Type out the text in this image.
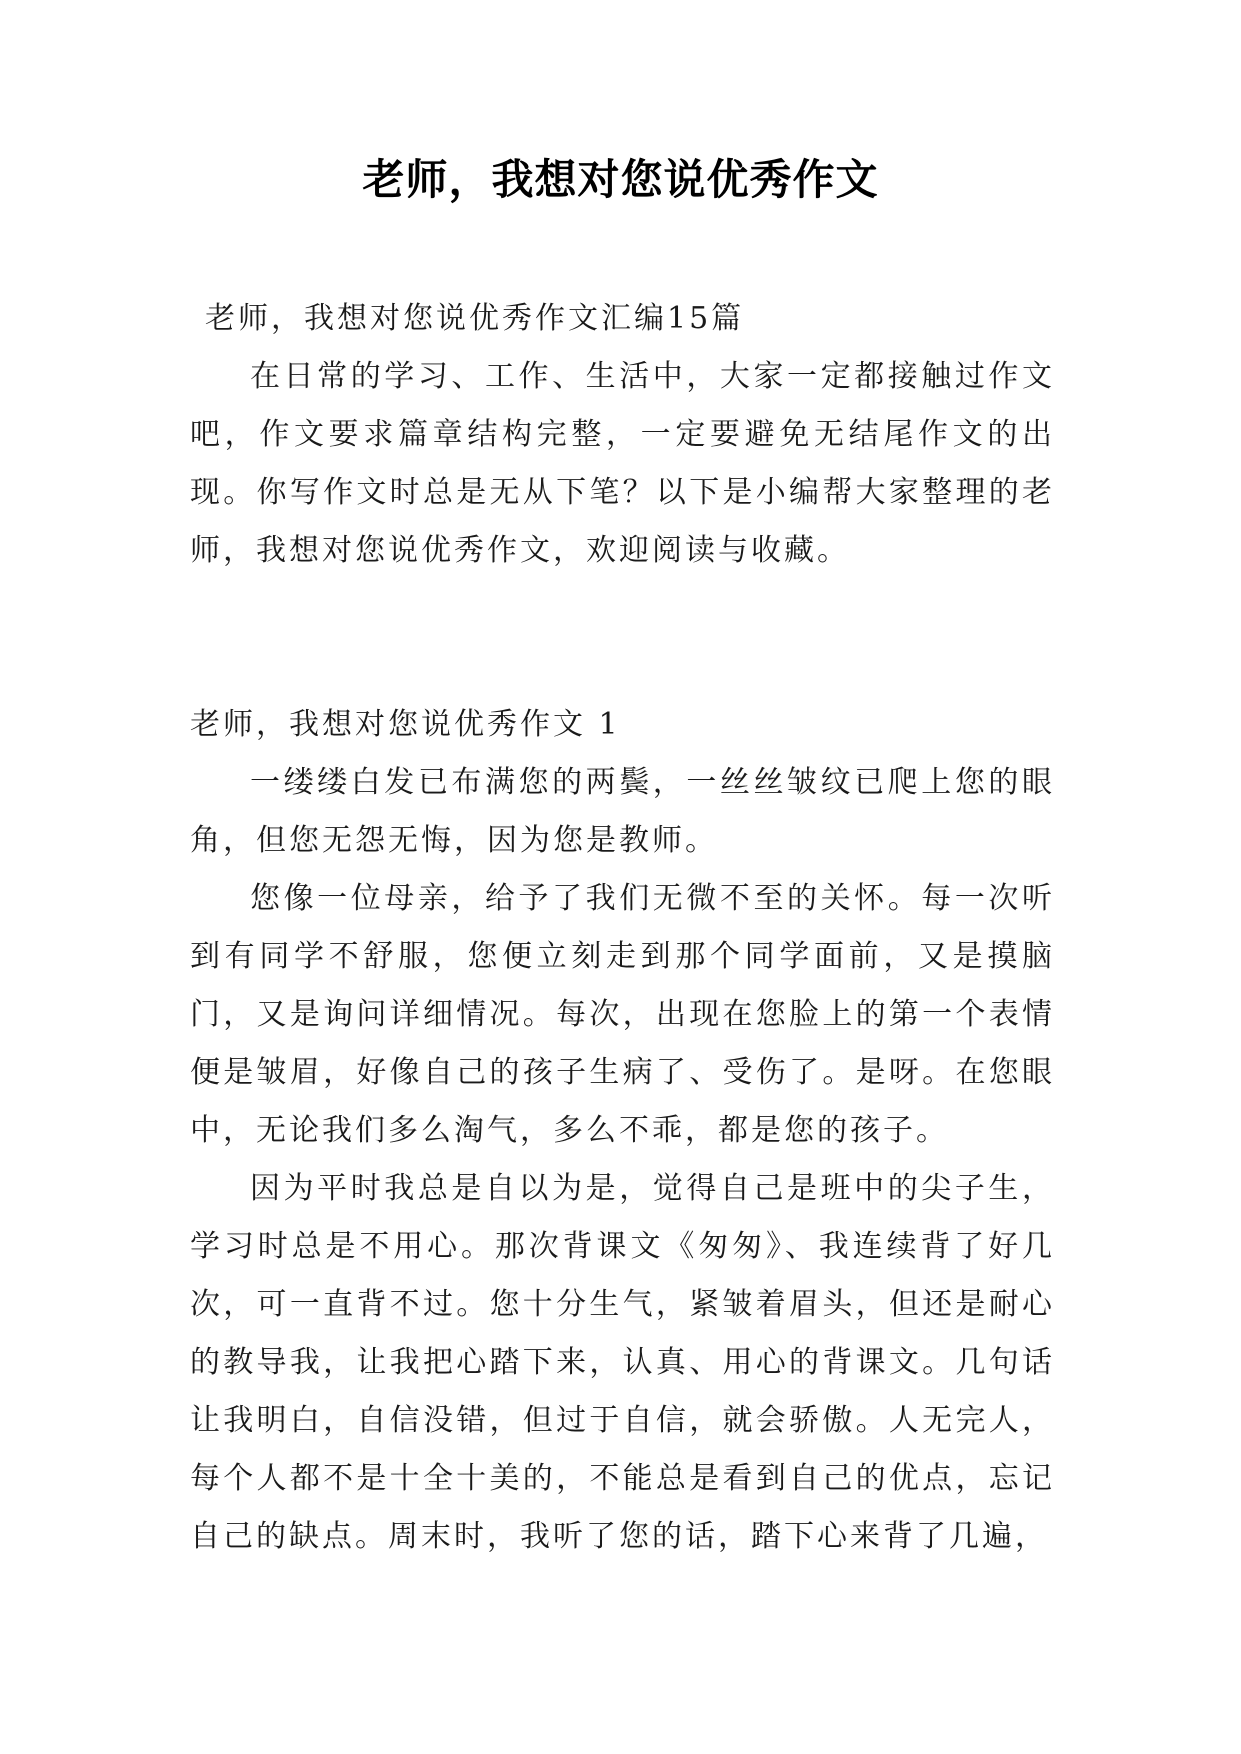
老师，我想对您说优秀作文

老师，我想对您说优秀作文汇编15篇

在日常的学习、工作、生活中，大家一定都接触过作文吧，作文要求篇章结构完整，一定要避免无结尾作文的出现。你写作文时总是无从下笔？以下是小编帮大家整理的老师，我想对您说优秀作文，欢迎阅读与收藏。

老师，我想对您说优秀作文 1

一缕缕白发已布满您的两鬓，一丝丝皱纹已爬上您的眼角，但您无怨无悔，因为您是教师。

您像一位母亲，给予了我们无微不至的关怀。每一次听到有同学不舒服，您便立刻走到那个同学面前，又是摸脑门，又是询问详细情况。每次，出现在您脸上的第一个表情便是皱眉，好像自己的孩子生病了、受伤了。是呀。在您眼中，无论我们多么淘气，多么不乖，都是您的孩子。

因为平时我总是自以为是，觉得自己是班中的尖子生，学习时总是不用心。那次背课文《匆匆》、我连续背了好几次，可一直背不过。您十分生气，紧皱着眉头，但还是耐心的教导我，让我把心踏下来，认真、用心的背课文。几句话让我明白，自信没错，但过于自信，就会骄傲。人无完人，每个人都不是十全十美的，不能总是看到自己的优点，忘记自己的缺点。周末时，我听了您的话，踏下心来背了几遍，
